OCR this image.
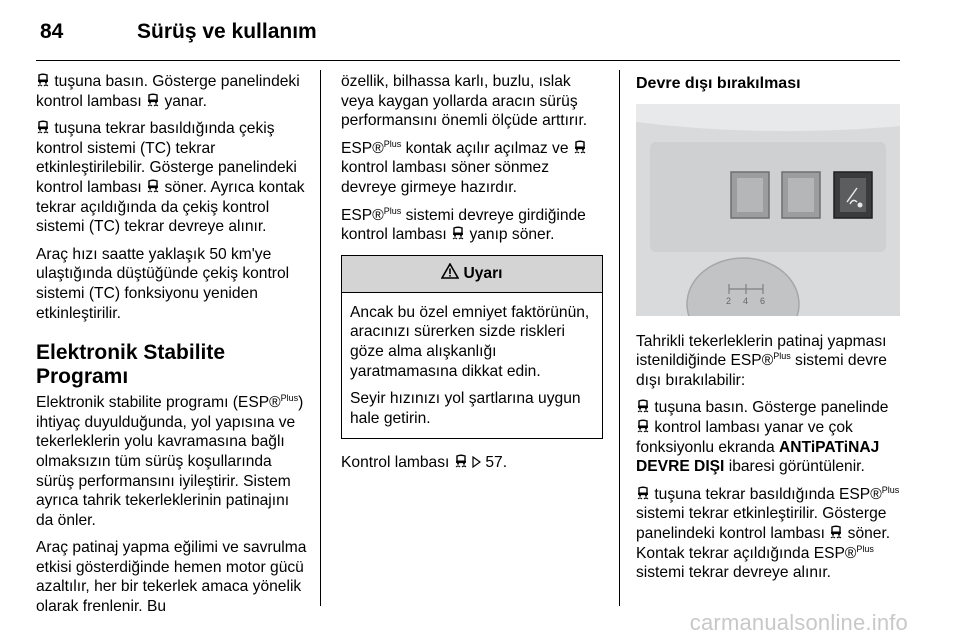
84	Sürüş ve kullanım

tuşuna basın. Gösterge panelindeki kontrol lambası yanar.

tuşuna tekrar basıldığında çekiş kontrol sistemi (TC) tekrar etkinleştirilebilir. Gösterge panelindeki kontrol lambası söner. Ayrıca kontak tekrar açıldığında da çekiş kontrol sistemi (TC) tekrar devreye alınır.

Araç hızı saatte yaklaşık 50 km'ye ulaştığında düştüğünde çekiş kontrol sistemi (TC) fonksiyonu yeniden etkinleştirilir.

Elektronik Stabilite Programı

Elektronik stabilite programı (ESP®$^{Plus}$) ihtiyaç duyulduğunda, yol yapısına ve tekerleklerin yolu kavramasına bağlı olmaksızın tüm sürüş koşullarında sürüş performansını iyileştirir. Sistem ayrıca tahrik tekerleklerinin patinajını da önler.

Araç patinaj yapma eğilimi ve savrulma etkisi gösterdiğinde hemen motor gücü azaltılır, her bir tekerlek amaca yönelik olarak frenlenir. Bu

özellik, bilhassa karlı, buzlu, ıslak veya kaygan yollarda aracın sürüş performansını önemli ölçüde arttırır.

ESP®$^{Plus}$ kontak açılır açılmaz ve
kontrol lambası söner sönmez devreye girmeye hazırdır.

ESP®$^{Plus}$ sistemi devreye girdiğinde kontrol lambası yanıp söner.

Uyarı

Ancak bu özel emniyet faktörünün, aracınızı sürerken sizde riskleri göze alma alışkanlığı yaratmamasına dikkat edin.

Seyir hızınızı yol şartlarına uygun hale getirin.

Kontrol lambası 57.

Devre dışı bırakılması
2 4 6

Tahrikli tekerleklerin patinaj yapması istenildiğinde ESP®$^{Plus}$ sistemi devre dışı bırakılabilir:

tuşuna basın. Gösterge panelinde
kontrol lambası yanar ve çok fonksiyonlu ekranda ANTiPATiNAJ DEVRE DIŞI ibaresi görüntülenir.

tuşuna tekrar basıldığında ESP®$^{Plus}$ sistemi tekrar etkinleştirilir. Gösterge panelindeki kontrol lambası söner. Kontak tekrar açıldığında ESP®$^{Plus}$ sistemi tekrar devreye alınır.

carmanualsonline.info
